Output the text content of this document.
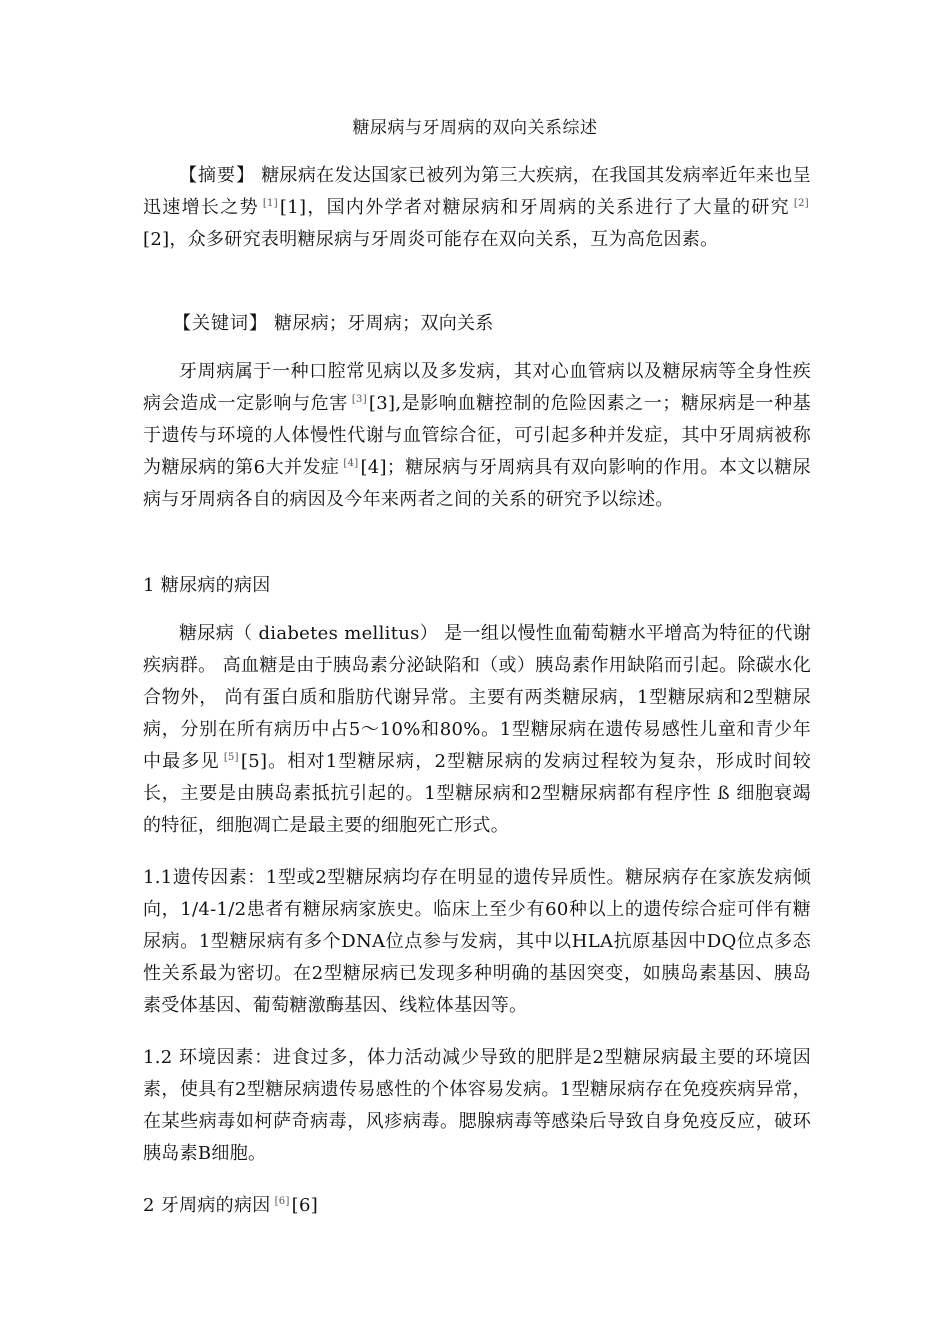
糖尿病与牙周病的双向关系综述
【摘要】 糖尿病在发达国家已被列为第三大疾病，在我国其发病率近年来也呈迅速增长之势 [1] [1]，国内外学者对糖尿病和牙周病的关系进行了大量的研究 [2][2]，众多研究表明糖尿病与牙周炎可能存在双向关系，互为高危因素。
【关键词】 糖尿病；牙周病；双向关系
牙周病属于一种口腔常见病以及多发病，其对心血管病以及糖尿病等全身性疾病会造成一定影响与危害 [3] [3],是影响血糖控制的危险因素之一；糖尿病是一种基于遗传与环境的人体慢性代谢与血管综合征，可引起多种并发症，其中牙周病被称为糖尿病的第6大并发症 [4] [4]；糖尿病与牙周病具有双向影响的作用。本文以糖尿病与牙周病各自的病因及今年来两者之间的关系的研究予以综述。
1 糖尿病的病因
糖尿病（ diabetes mellitus） 是一组以慢性血葡萄糖水平增高为特征的代谢疾病群。 高血糖是由于胰岛素分泌缺陷和（或）胰岛素作用缺陷而引起。除碳水化合物外， 尚有蛋白质和脂肪代谢异常。主要有两类糖尿病，1型糖尿病和2型糖尿病，分别在所有病历中占5～10%和80%。1型糖尿病在遗传易感性儿童和青少年中最多见 [5] [5]。相对1型糖尿病，2型糖尿病的发病过程较为复杂，形成时间较长，主要是由胰岛素抵抗引起的。1型糖尿病和2型糖尿病都有程序性 ß 细胞衰竭的特征，细胞凋亡是最主要的细胞死亡形式。
1.1遗传因素：1型或2型糖尿病均存在明显的遗传异质性。糖尿病存在家族发病倾向，1/4-1/2患者有糖尿病家族史。临床上至少有60种以上的遗传综合症可伴有糖尿病。1型糖尿病有多个DNA位点参与发病，其中以HLA抗原基因中DQ位点多态性关系最为密切。在2型糖尿病已发现多种明确的基因突变，如胰岛素基因、胰岛素受体基因、葡萄糖激酶基因、线粒体基因等。
1.2 环境因素：进食过多，体力活动减少导致的肥胖是2型糖尿病最主要的环境因素，使具有2型糖尿病遗传易感性的个体容易发病。1型糖尿病存在免疫疾病异常，在某些病毒如柯萨奇病毒，风疹病毒。腮腺病毒等感染后导致自身免疫反应，破环胰岛素B细胞。
2 牙周病的病因 [6] [6]
